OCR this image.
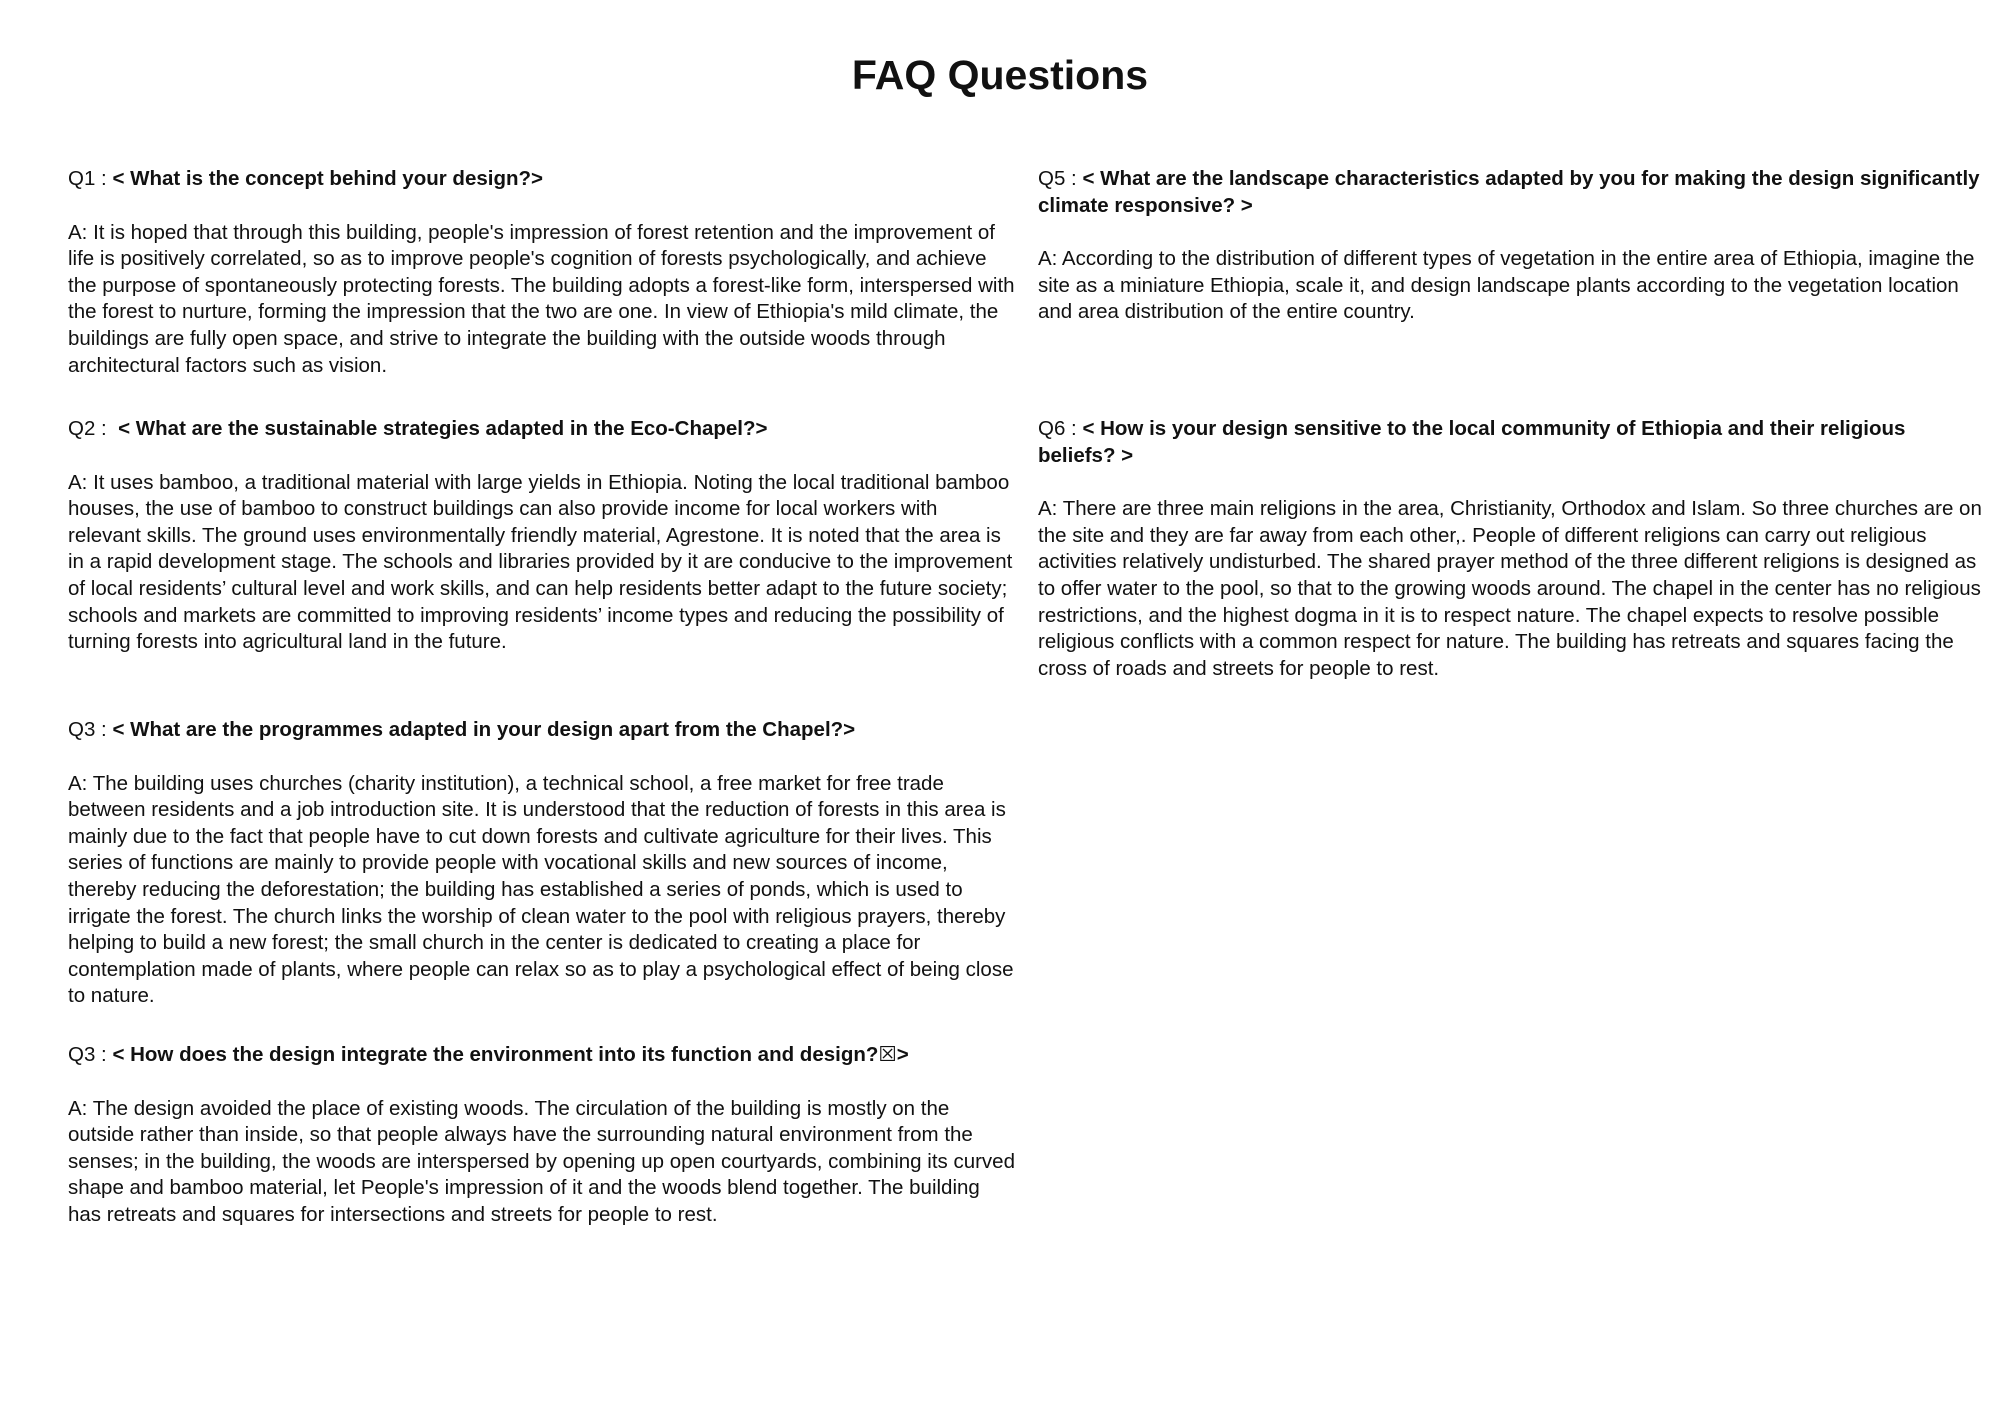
FAQ Questions

Q1 : < What is the concept behind your design?>

A: It is hoped that through this building, people's impression of forest retention and the improvement of life is positively correlated, so as to improve people's cognition of forests psychologically, and achieve the purpose of spontaneously protecting forests. The building adopts a forest-like form, interspersed with the forest to nurture, forming the impression that the two are one. In view of Ethiopia's mild climate, the buildings are fully open space, and strive to integrate the building with the outside woods through architectural factors such as vision.

Q2 :  < What are the sustainable strategies adapted in the Eco-Chapel?>

A: It uses bamboo, a traditional material with large yields in Ethiopia. Noting the local traditional bamboo houses, the use of bamboo to construct buildings can also provide income for local workers with relevant skills. The ground uses environmentally friendly material, Agrestone. It is noted that the area is in a rapid development stage. The schools and libraries provided by it are conducive to the improvement of local residents’ cultural level and work skills, and can help residents better adapt to the future society; schools and markets are committed to improving residents’ income types and reducing the possibility of turning forests into agricultural land in the future.

Q3 : < What are the programmes adapted in your design apart from the Chapel?>

A: The building uses churches (charity institution), a technical school, a free market for free trade between residents and a job introduction site. It is understood that the reduction of forests in this area is mainly due to the fact that people have to cut down forests and cultivate agriculture for their lives. This series of functions are mainly to provide people with vocational skills and new sources of income, thereby reducing the deforestation; the building has established a series of ponds, which is used to irrigate the forest. The church links the worship of clean water to the pool with religious prayers, thereby helping to build a new forest; the small church in the center is dedicated to creating a place for contemplation made of plants, where people can relax so as to play a psychological effect of being close to nature.

Q3 : < How does the design integrate the environment into its function and design?☒>

A: The design avoided the place of existing woods. The circulation of the building is mostly on the outside rather than inside, so that people always have the surrounding natural environment from the senses; in the building, the woods are interspersed by opening up open courtyards, combining its curved shape and bamboo material, let People's impression of it and the woods blend together. The building has retreats and squares for intersections and streets for people to rest.

Q5 : < What are the landscape characteristics adapted by you for making the design significantly climate responsive? >

A: According to the distribution of different types of vegetation in the entire area of Ethiopia, imagine the site as a miniature Ethiopia, scale it, and design landscape plants according to the vegetation location and area distribution of the entire country.

Q6 : < How is your design sensitive to the local community of Ethiopia and their religious beliefs? >

A: There are three main religions in the area, Christianity, Orthodox and Islam. So three churches are on the site and they are far away from each other,. People of different religions can carry out religious activities relatively undisturbed. The shared prayer method of the three different religions is designed as to offer water to the pool, so that to the growing woods around. The chapel in the center has no religious restrictions, and the highest dogma in it is to respect nature. The chapel expects to resolve possible religious conflicts with a common respect for nature. The building has retreats and squares facing the cross of roads and streets for people to rest.
